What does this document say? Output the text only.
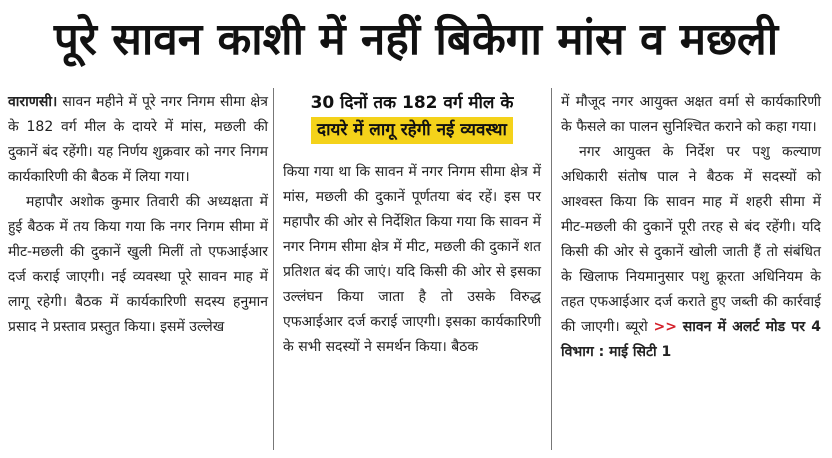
पूरे सावन काशी में नहीं बिकेगा मांस व मछली

वाराणसी। सावन महीने में पूरे नगर निगम सीमा क्षेत्र के 182 वर्ग मील के दायरे में मांस, मछली की दुकानें बंद रहेंगी। यह निर्णय शुक्रवार को नगर निगम कार्यकारिणी की बैठक में लिया गया।

महापौर अशोक कुमार तिवारी की अध्यक्षता में हुई बैठक में तय किया गया कि नगर निगम सीमा में मीट-मछली की दुकानें खुली मिलीं तो एफआईआर दर्ज कराई जाएगी। नई व्यवस्था पूरे सावन माह में लागू रहेगी। बैठक में कार्यकारिणी सदस्य हनुमान प्रसाद ने प्रस्ताव प्रस्तुत किया। इसमें उल्लेख

30 दिनों तक 182 वर्ग मील के
दायरे में लागू रहेगी नई व्यवस्था

किया गया था कि सावन में नगर निगम सीमा क्षेत्र में मांस, मछली की दुकानें पूर्णतया बंद रहें। इस पर महापौर की ओर से निर्देशित किया गया कि सावन में नगर निगम सीमा क्षेत्र में मीट, मछली की दुकानें शत प्रतिशत बंद की जाएं। यदि किसी की ओर से इसका उल्लंघन किया जाता है तो उसके विरुद्ध एफआईआर दर्ज कराई जाएगी। इसका कार्यकारिणी के सभी सदस्यों ने समर्थन किया। बैठक

में मौजूद नगर आयुक्त अक्षत वर्मा से कार्यकारिणी के फैसले का पालन सुनिश्चित कराने को कहा गया।

नगर आयुक्त के निर्देश पर पशु कल्याण अधिकारी संतोष पाल ने बैठक में सदस्यों को आश्वस्त किया कि सावन माह में शहरी सीमा में मीट-मछली की दुकानें पूरी तरह से बंद रहेंगी। यदि किसी की ओर से दुकानें खोली जाती हैं तो संबंधित के खिलाफ नियमानुसार पशु क्रूरता अधिनियम के तहत एफआईआर दर्ज कराते हुए जब्ती की कार्रवाई की जाएगी। ब्यूरो >> सावन में अलर्ट मोड पर 4 विभाग : माई सिटी 1
